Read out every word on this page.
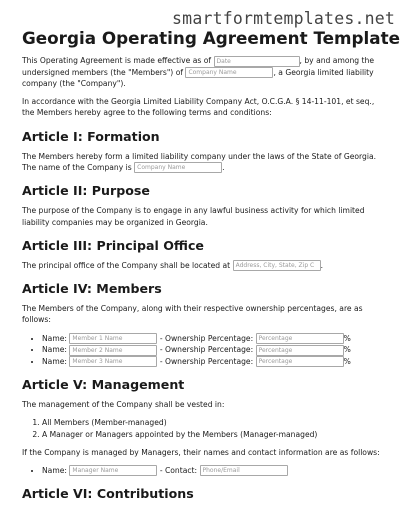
smartformtemplates.net
Georgia Operating Agreement Template

This Operating Agreement is made effective as of Date	, by and among the undersigned members (the "Members") of Company Name	, a Georgia limited liability company (the "Company").

In accordance with the Georgia Limited Liability Company Act, O.C.G.A. § 14-11-101, et seq., the Members hereby agree to the following terms and conditions:

Article I: Formation

The Members hereby form a limited liability company under the laws of the State of Georgia. The name of the Company is Company Name	.

Article II: Purpose

The purpose of the Company is to engage in any lawful business activity for which limited liability companies may be organized in Georgia.

Article III: Principal Office

The principal office of the Company shall be located at Address, City, State, Zip C .

Article IV: Members

The Members of the Company, along with their respective ownership percentages, are as follows:

• Name: Member 1 Name	- Ownership Percentage: Percentage	%
• Name: Member 2 Name	- Ownership Percentage: Percentage	%
• Name: Member 3 Name	- Ownership Percentage: Percentage	%
Article V: Management

The management of the Company shall be vested in:

1. All Members (Member-managed)
2. A Manager or Managers appointed by the Members (Manager-managed)

If the Company is managed by Managers, their names and contact information are as follows:

• Name: Manager Name	- Contact: Phone/Email
Article VI: Contributions
